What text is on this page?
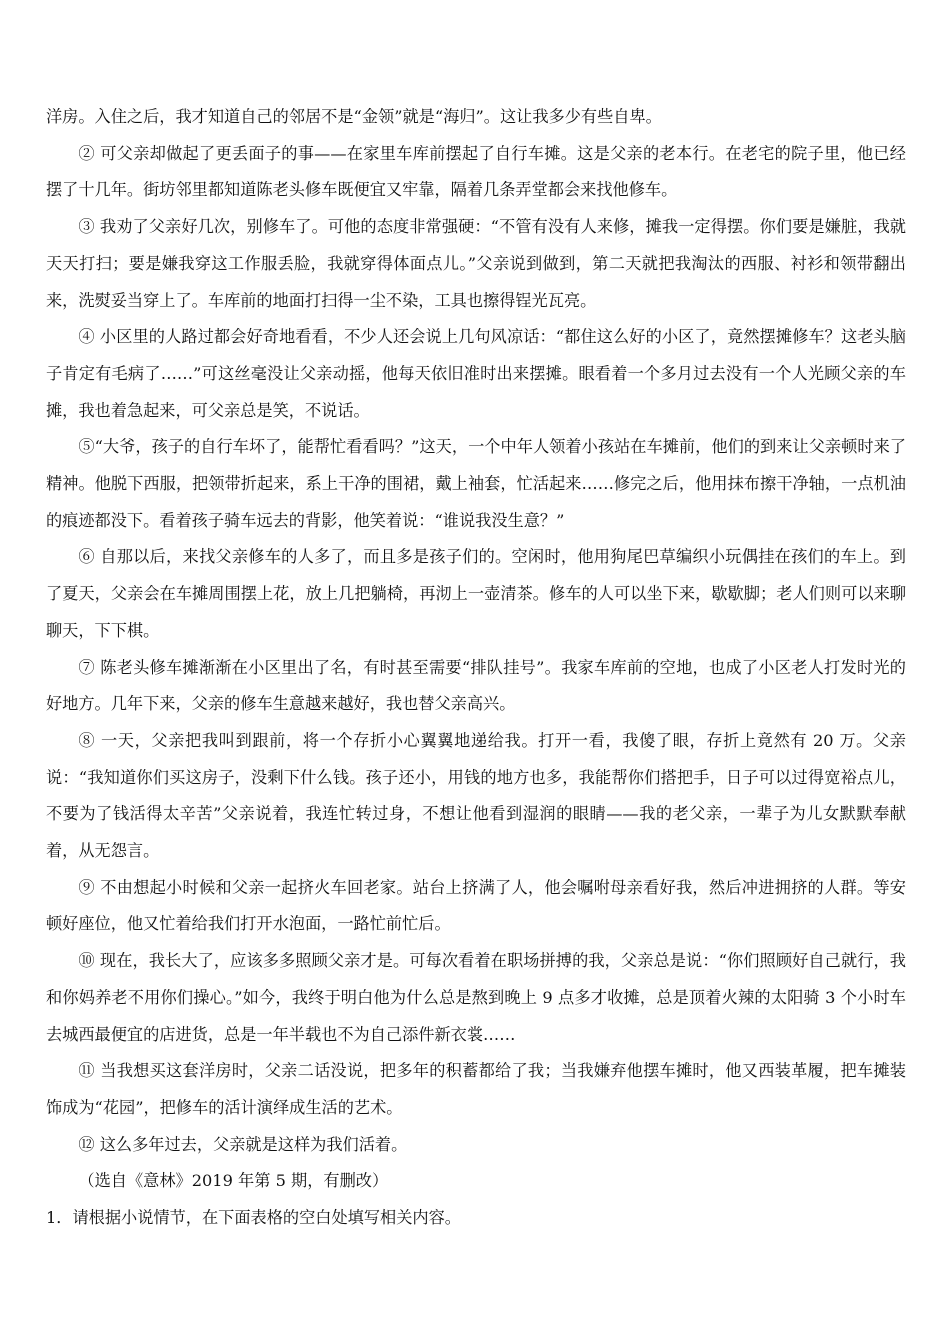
洋房。入住之后，我才知道自己的邻居不是“金领”就是“海归”。这让我多少有些自卑。

② 可父亲却做起了更丢面子的事——在家里车库前摆起了自行车摊。这是父亲的老本行。在老宅的院子里，他已经摆了十几年。街坊邻里都知道陈老头修车既便宜又牢靠，隔着几条弄堂都会来找他修车。

③ 我劝了父亲好几次，别修车了。可他的态度非常强硬：“不管有没有人来修，摊我一定得摆。你们要是嫌脏，我就天天打扫；要是嫌我穿这工作服丢脸，我就穿得体面点儿。”父亲说到做到，第二天就把我淘汰的西服、衬衫和领带翻出来，洗熨妥当穿上了。车库前的地面打扫得一尘不染，工具也擦得锃光瓦亮。

④ 小区里的人路过都会好奇地看看，不少人还会说上几句风凉话：“都住这么好的小区了，竟然摆摊修车？这老头脑子肯定有毛病了……”可这丝毫没让父亲动摇，他每天依旧准时出来摆摊。眼看着一个多月过去没有一个人光顾父亲的车摊，我也着急起来，可父亲总是笑，不说话。

⑤“大爷，孩子的自行车坏了，能帮忙看看吗？”这天，一个中年人领着小孩站在车摊前，他们的到来让父亲顿时来了精神。他脱下西服，把领带折起来，系上干净的围裙，戴上袖套，忙活起来……修完之后，他用抹布擦干净轴，一点机油的痕迹都没下。看着孩子骑车远去的背影，他笑着说：“谁说我没生意？”

⑥ 自那以后，来找父亲修车的人多了，而且多是孩子们的。空闲时，他用狗尾巴草编织小玩偶挂在孩们的车上。到了夏天，父亲会在车摊周围摆上花，放上几把躺椅，再沏上一壶清茶。修车的人可以坐下来，歇歇脚；老人们则可以来聊聊天，下下棋。

⑦ 陈老头修车摊渐渐在小区里出了名，有时甚至需要“排队挂号”。我家车库前的空地，也成了小区老人打发时光的好地方。几年下来，父亲的修车生意越来越好，我也替父亲高兴。

⑧ 一天，父亲把我叫到跟前，将一个存折小心翼翼地递给我。打开一看，我傻了眼，存折上竟然有 20 万。父亲说：“我知道你们买这房子，没剩下什么钱。孩子还小，用钱的地方也多，我能帮你们搭把手，日子可以过得宽裕点儿，不要为了钱活得太辛苦”父亲说着，我连忙转过身，不想让他看到湿润的眼睛——我的老父亲，一辈子为儿女默默奉献着，从无怨言。

⑨ 不由想起小时候和父亲一起挤火车回老家。站台上挤满了人，他会嘱咐母亲看好我，然后冲进拥挤的人群。等安顿好座位，他又忙着给我们打开水泡面，一路忙前忙后。

⑩ 现在，我长大了，应该多多照顾父亲才是。可每次看着在职场拼搏的我，父亲总是说：“你们照顾好自己就行，我和你妈养老不用你们操心。”如今，我终于明白他为什么总是熬到晚上 9 点多才收摊，总是顶着火辣的太阳骑 3 个小时车去城西最便宜的店进货，总是一年半载也不为自己添件新衣裳……

⑪ 当我想买这套洋房时，父亲二话没说，把多年的积蓄都给了我；当我嫌弃他摆车摊时，他又西装革履，把车摊装饰成为“花园”，把修车的活计演绎成生活的艺术。

⑫ 这么多年过去，父亲就是这样为我们活着。

（选自《意林》2019 年第 5 期，有删改）

1．请根据小说情节，在下面表格的空白处填写相关内容。
